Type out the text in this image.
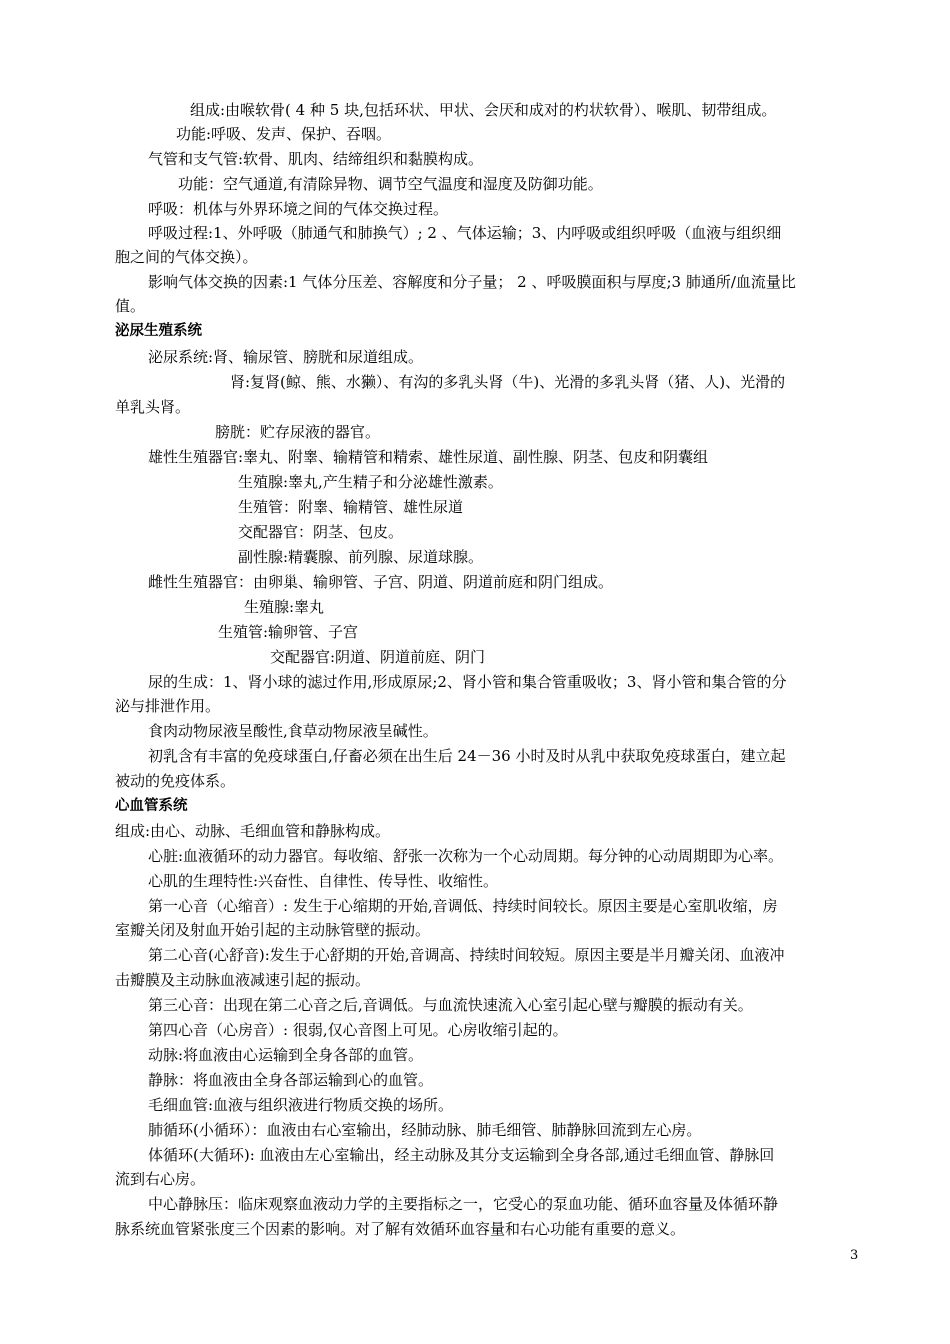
组成:由喉软骨( 4 种 5 块,包括环状、甲状、会厌和成对的杓状软骨）、喉肌、韧带组成。
功能:呼吸、发声、保护、吞咽。
气管和支气管:软骨、肌肉、结缔组织和黏膜构成。
功能：空气通道,有清除异物、调节空气温度和湿度及防御功能。
呼吸：机体与外界环境之间的气体交换过程。
呼吸过程:1、外呼吸（肺通气和肺换气）; 2 、气体运输；3、内呼吸或组织呼吸（血液与组织细
胞之间的气体交换）。
影响气体交换的因素:1 气体分压差、容解度和分子量； 2 、呼吸膜面积与厚度;3 肺通所/血流量比
值。
泌尿生殖系统
泌尿系统:肾、输尿管、膀胱和尿道组成。
肾:复肾(鲸、熊、水獭）、有沟的多乳头肾（牛)、光滑的多乳头肾（猪、人)、光滑的
单乳头肾。
膀胱：贮存尿液的器官。
雄性生殖器官:睾丸、附睾、输精管和精索、雄性尿道、副性腺、阴茎、包皮和阴囊组
生殖腺:睾丸,产生精子和分泌雄性激素。
生殖管：附睾、输精管、雄性尿道
交配器官：阴茎、包皮。
副性腺:精囊腺、前列腺、尿道球腺。
雌性生殖器官：由卵巢、输卵管、子宫、阴道、阴道前庭和阴门组成。
生殖腺:睾丸
生殖管:输卵管、子宫
交配器官:阴道、阴道前庭、阴门
尿的生成：1、肾小球的滤过作用,形成原尿;2、肾小管和集合管重吸收；3、肾小管和集合管的分
泌与排泄作用。
食肉动物尿液呈酸性,食草动物尿液呈碱性。
初乳含有丰富的免疫球蛋白,仔畜必须在出生后 24－36 小时及时从乳中获取免疫球蛋白，建立起
被动的免疫体系。
心血管系统
组成:由心、动脉、毛细血管和静脉构成。
心脏:血液循环的动力器官。每收缩、舒张一次称为一个心动周期。每分钟的心动周期即为心率。
心肌的生理特性:兴奋性、自律性、传导性、收缩性。
第一心音（心缩音）: 发生于心缩期的开始,音调低、持续时间较长。原因主要是心室肌收缩，房
室瓣关闭及射血开始引起的主动脉管壁的振动。
第二心音(心舒音):发生于心舒期的开始,音调高、持续时间较短。原因主要是半月瓣关闭、血液冲
击瓣膜及主动脉血液减速引起的振动。
第三心音：出现在第二心音之后,音调低。与血流快速流入心室引起心壁与瓣膜的振动有关。
第四心音（心房音）: 很弱,仅心音图上可见。心房收缩引起的。
动脉:将血液由心运输到全身各部的血管。
静脉：将血液由全身各部运输到心的血管。
毛细血管:血液与组织液进行物质交换的场所。
肺循环(小循环）：血液由右心室输出，经肺动脉、肺毛细管、肺静脉回流到左心房。
体循环(大循环): 血液由左心室输出，经主动脉及其分支运输到全身各部,通过毛细血管、静脉回
流到右心房。
中心静脉压：临床观察血液动力学的主要指标之一，它受心的泵血功能、循环血容量及体循环静
脉系统血管紧张度三个因素的影响。对了解有效循环血容量和右心功能有重要的意义。
3
